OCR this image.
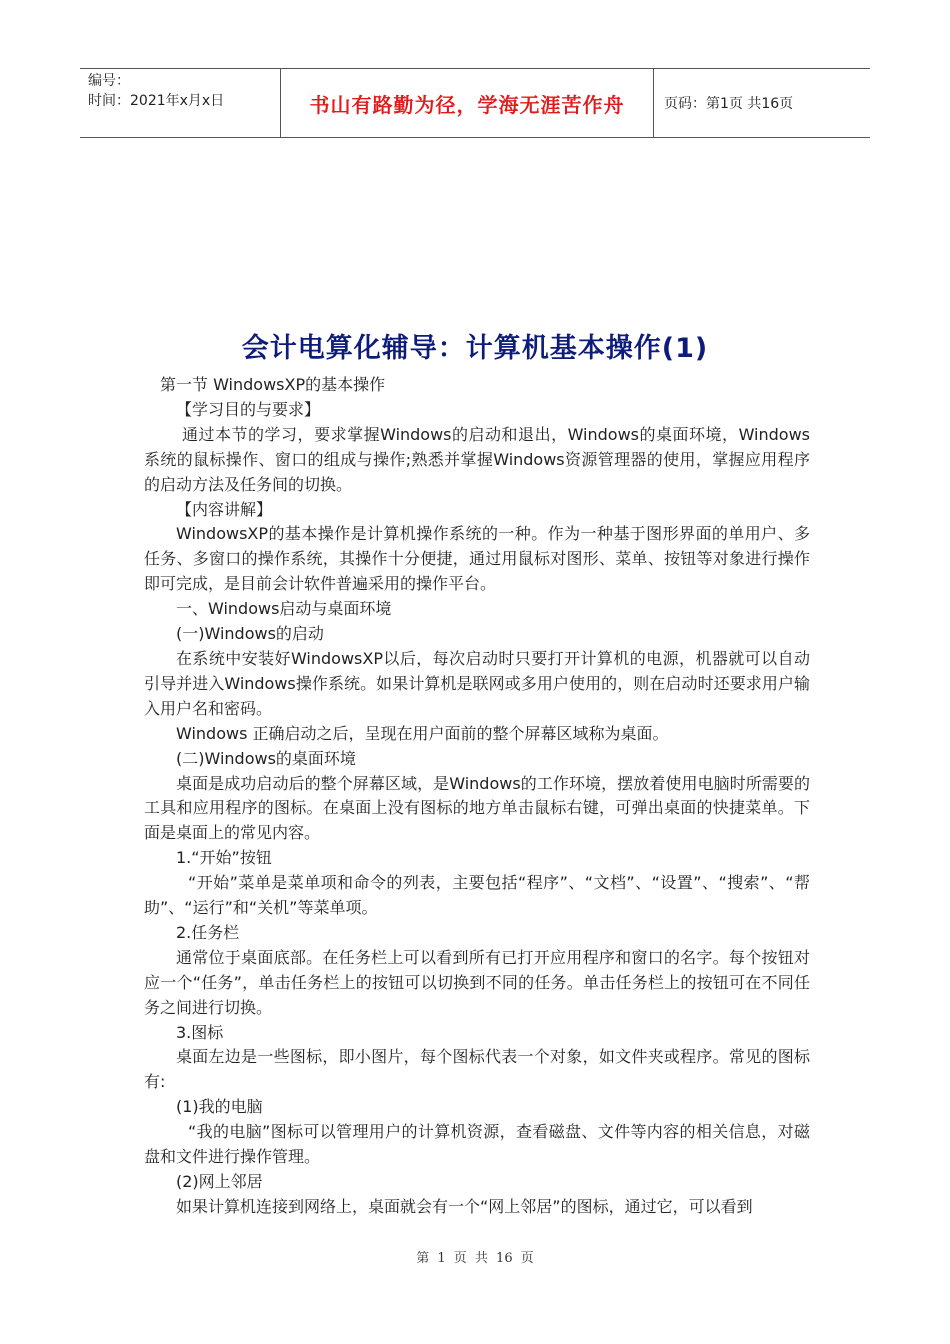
编号：
时间：2021年x月x日	书山有路勤为径，学海无涯苦作舟	页码：第1页 共16页
会计电算化辅导：计算机基本操作(1)

第一节 WindowsXP的基本操作

【学习目的与要求】

通过本节的学习，要求掌握Windows的启动和退出，Windows的桌面环境，Windows系统的鼠标操作、窗口的组成与操作;熟悉并掌握Windows资源管理器的使用，掌握应用程序的启动方法及任务间的切换。

【内容讲解】

WindowsXP的基本操作是计算机操作系统的一种。作为一种基于图形界面的单用户、多任务、多窗口的操作系统，其操作十分便捷，通过用鼠标对图形、菜单、按钮等对象进行操作即可完成，是目前会计软件普遍采用的操作平台。

一、Windows启动与桌面环境

(一)Windows的启动

在系统中安装好WindowsXP以后，每次启动时只要打开计算机的电源，机器就可以自动引导并进入Windows操作系统。如果计算机是联网或多用户使用的，则在启动时还要求用户输入用户名和密码。

Windows 正确启动之后，呈现在用户面前的整个屏幕区域称为桌面。

(二)Windows的桌面环境

桌面是成功启动后的整个屏幕区域，是Windows的工作环境，摆放着使用电脑时所需要的工具和应用程序的图标。在桌面上没有图标的地方单击鼠标右键，可弹出桌面的快捷菜单。下面是桌面上的常见内容。

1.“开始”按钮

“开始”菜单是菜单项和命令的列表，主要包括“程序”、“文档”、“设置”、“搜索”、“帮助”、“运行”和“关机”等菜单项。

2.任务栏

通常位于桌面底部。在任务栏上可以看到所有已打开应用程序和窗口的名字。每个按钮对应一个“任务”，单击任务栏上的按钮可以切换到不同的任务。单击任务栏上的按钮可在不同任务之间进行切换。

3.图标

桌面左边是一些图标，即小图片，每个图标代表一个对象，如文件夹或程序。常见的图标有:

(1)我的电脑

“我的电脑”图标可以管理用户的计算机资源，查看磁盘、文件等内容的相关信息，对磁盘和文件进行操作管理。

(2)网上邻居

如果计算机连接到网络上，桌面就会有一个“网上邻居”的图标，通过它，可以看到

第 1 页 共 16 页
